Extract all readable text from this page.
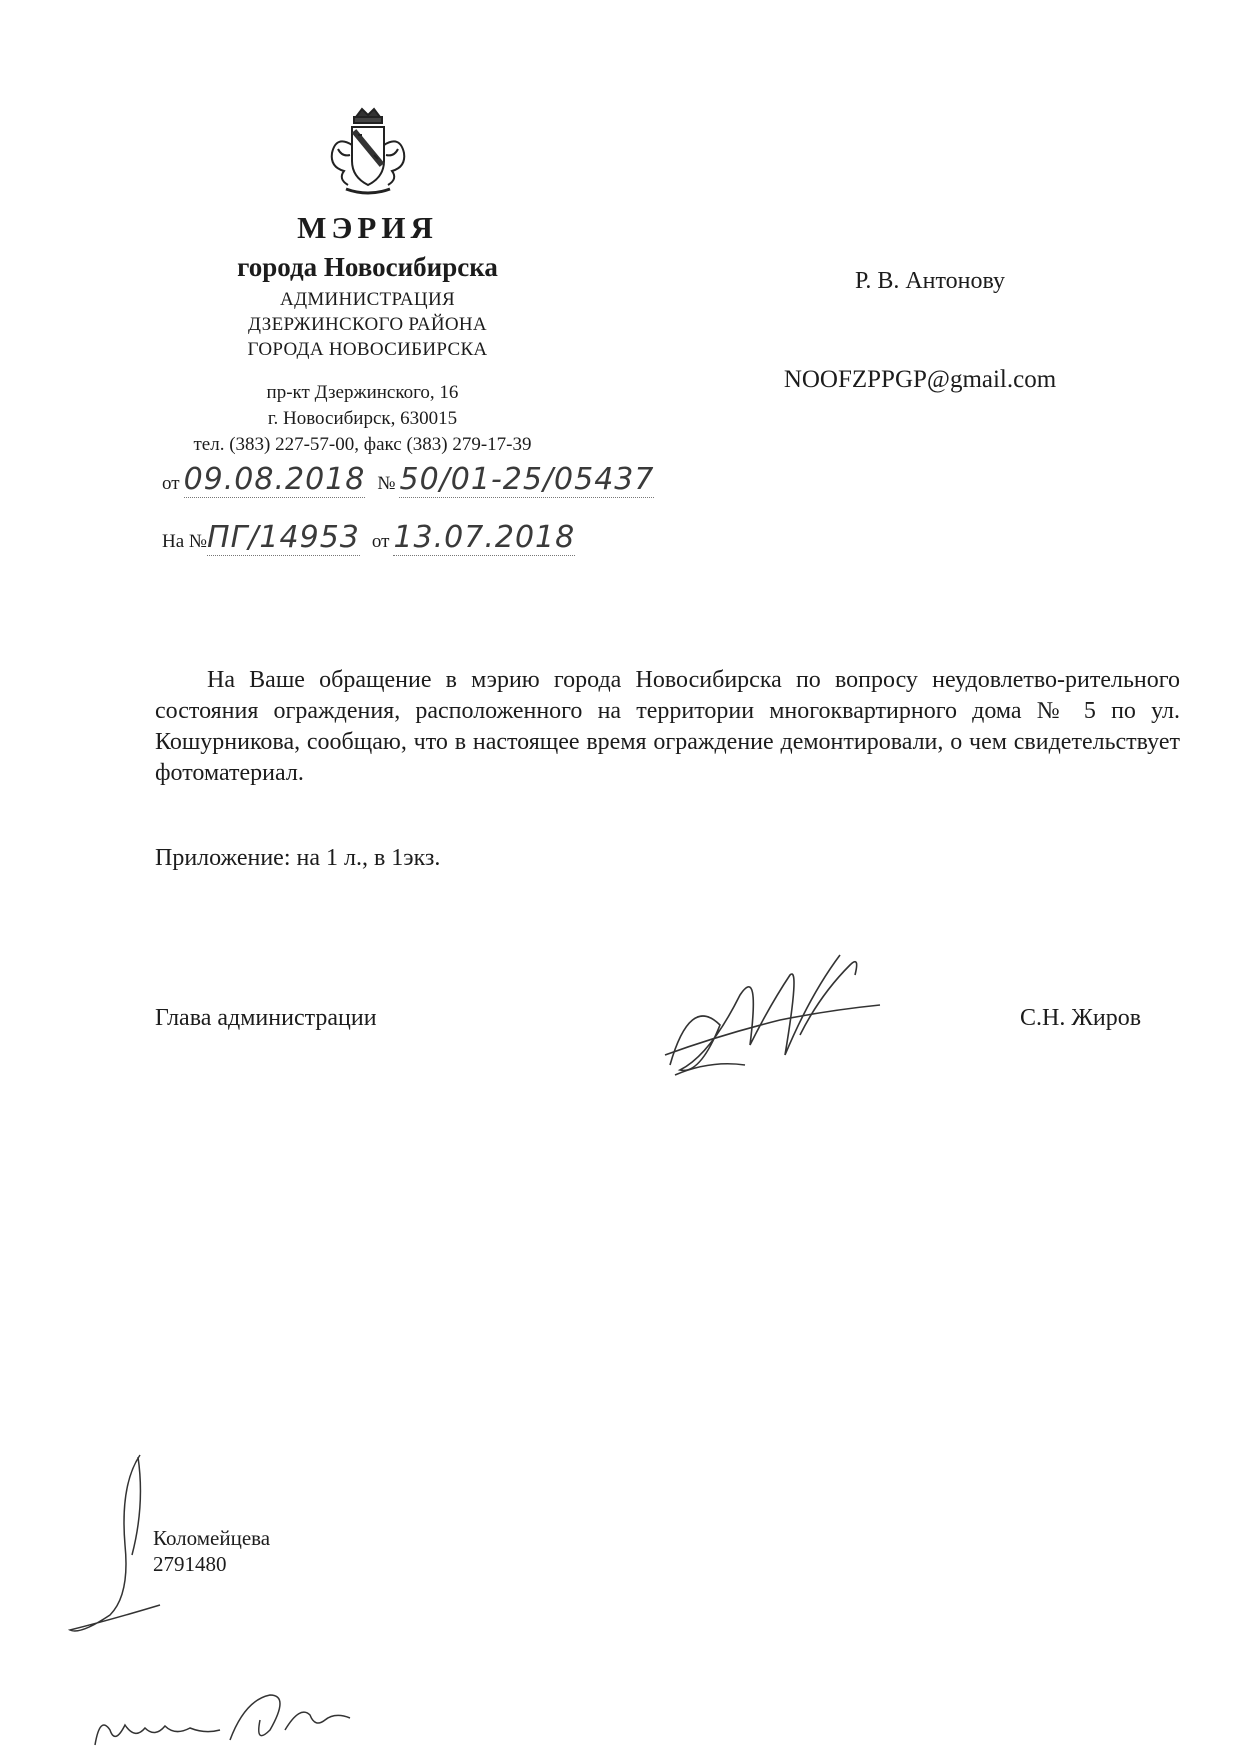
МЭРИЯ
города Новосибирска
АДМИНИСТРАЦИЯ
ДЗЕРЖИНСКОГО РАЙОНА
ГОРОДА НОВОСИБИРСКА
пр-кт Дзержинского, 16
г. Новосибирск, 630015
тел. (383) 227-57-00, факс (383) 279-17-39
от 09.08.2018 № 50/01-25/05437
На №ПГ/14953 от 13.07.2018
Р. В. Антонову
NOOFZPPGP@gmail.com

На Ваше обращение в мэрию города Новосибирска по вопросу неудовлетво-рительного состояния ограждения, расположенного на территории многоквартирного дома № 5 по ул. Кошурникова, сообщаю, что в настоящее время ограждение демонтировали, о чем свидетельствует фотоматериал.

Приложение: на 1 л., в 1экз.
Глава администрации	С.Н. Жиров
Коломейцева
2791480
